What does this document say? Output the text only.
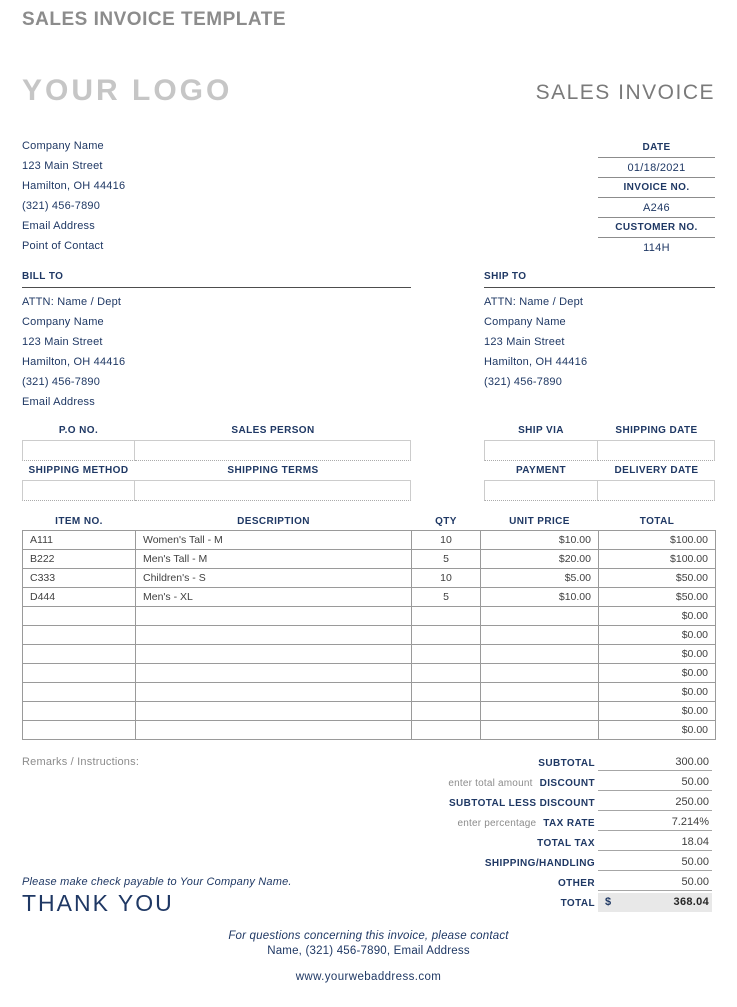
SALES INVOICE TEMPLATE
YOUR LOGO	SALES INVOICE
Company Name
123 Main Street
Hamilton, OH 44416
(321) 456-7890
Email Address
Point of Contact
DATE
01/18/2021
INVOICE NO.
A246
CUSTOMER NO.
114H
BILL TO
ATTN: Name / Dept
Company Name
123 Main Street
Hamilton, OH 44416
(321) 456-7890
Email Address
SHIP TO
ATTN: Name / Dept
Company Name
123 Main Street
Hamilton, OH 44416
(321) 456-7890
P.O NO.	SALES PERSON	SHIP VIA	SHIPPING DATE
SHIPPING METHOD	SHIPPING TERMS	PAYMENT	DELIVERY DATE
ITEM NO.	DESCRIPTION	QTY	UNIT PRICE	TOTAL
A111	Women's Tall - M	10	$10.00	$100.00
B222	Men's Tall - M	5	$20.00	$100.00
C333	Children's - S	10	$5.00	$50.00
D444	Men's - XL	5	$10.00	$50.00
				$0.00
				$0.00
				$0.00
				$0.00
				$0.00
				$0.00
				$0.00
Remarks / Instructions:	SUBTOTAL	300.00
enter total amount DISCOUNT	50.00
SUBTOTAL LESS DISCOUNT	250.00
enter percentage TAX RATE	7.214%
TOTAL TAX	18.04
SHIPPING/HANDLING	50.00
OTHER	50.00
TOTAL $	368.04
Please make check payable to Your Company Name.
THANK YOU
For questions concerning this invoice, please contact
Name, (321) 456-7890, Email Address
www.yourwebaddress.com
